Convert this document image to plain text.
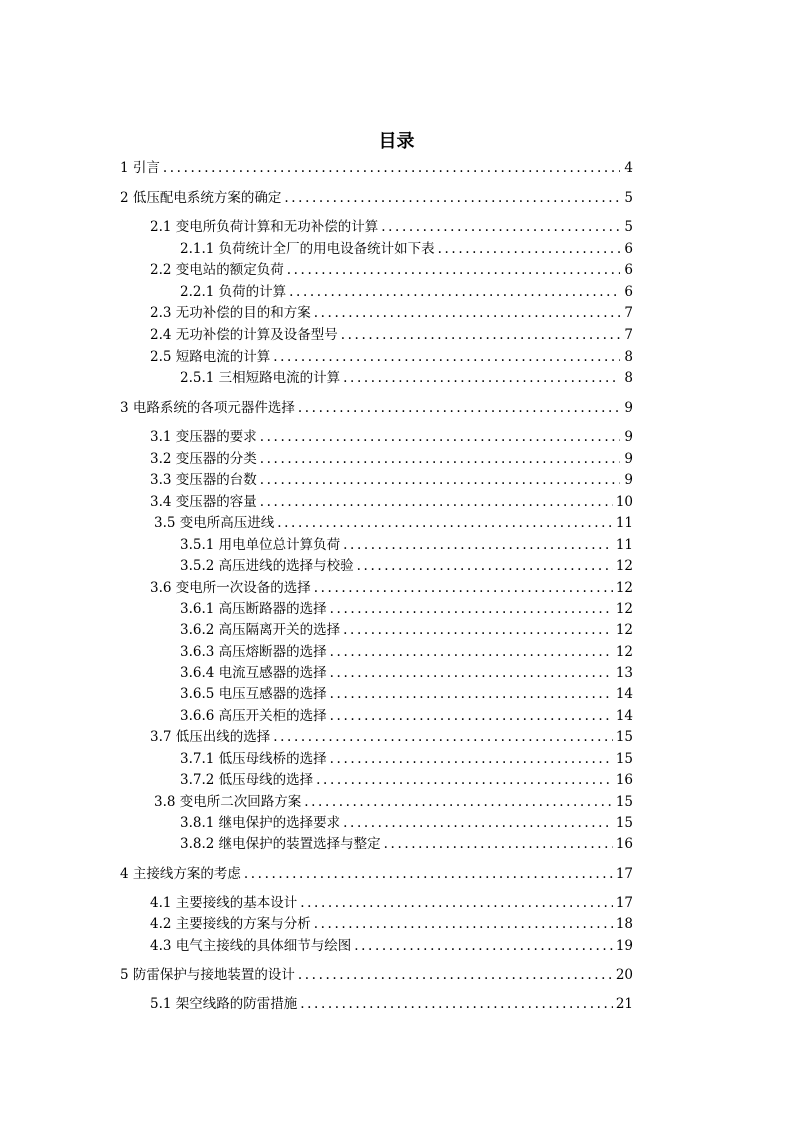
目录
1 引言 .....	4
2 低压配电系统方案的确定 .....	5
2.1 变电所负荷计算和无功补偿的计算 .....	5
2.1.1 负荷统计全厂的用电设备统计如下表 .....	6
2.2 变电站的额定负荷 .....	6
2.2.1 负荷的计算 .....	6
2.3 无功补偿的目的和方案 .....	7
2.4 无功补偿的计算及设备型号 .....	7
2.5 短路电流的计算 .....	8
2.5.1 三相短路电流的计算 .....	8
3 电路系统的各项元器件选择 .....	9
3.1 变压器的要求 .....	9
3.2 变压器的分类 .....	9
3.3 变压器的台数 .....	9
3.4 变压器的容量 .....	10
3.5 变电所高压进线 .....	11
3.5.1 用电单位总计算负荷 .....	11
3.5.2 高压进线的选择与校验 .....	12
3.6 变电所一次设备的选择 .....	12
3.6.1 高压断路器的选择 .....	12
3.6.2 高压隔离开关的选择 .....	12
3.6.3 高压熔断器的选择 .....	12
3.6.4 电流互感器的选择 .....	13
3.6.5 电压互感器的选择 .....	14
3.6.6 高压开关柜的选择 .....	14
3.7 低压出线的选择 .....	15
3.7.1 低压母线桥的选择 .....	15
3.7.2 低压母线的选择 .....	16
3.8 变电所二次回路方案 .....	15
3.8.1 继电保护的选择要求 .....	15
3.8.2 继电保护的装置选择与整定 .....	16
4 主接线方案的考虑 .....	17
4.1 主要接线的基本设计 .....	17
4.2 主要接线的方案与分析 .....	18
4.3 电气主接线的具体细节与绘图 .....	19
5 防雷保护与接地装置的设计 .....	20
5.1 架空线路的防雷措施 .....	21
